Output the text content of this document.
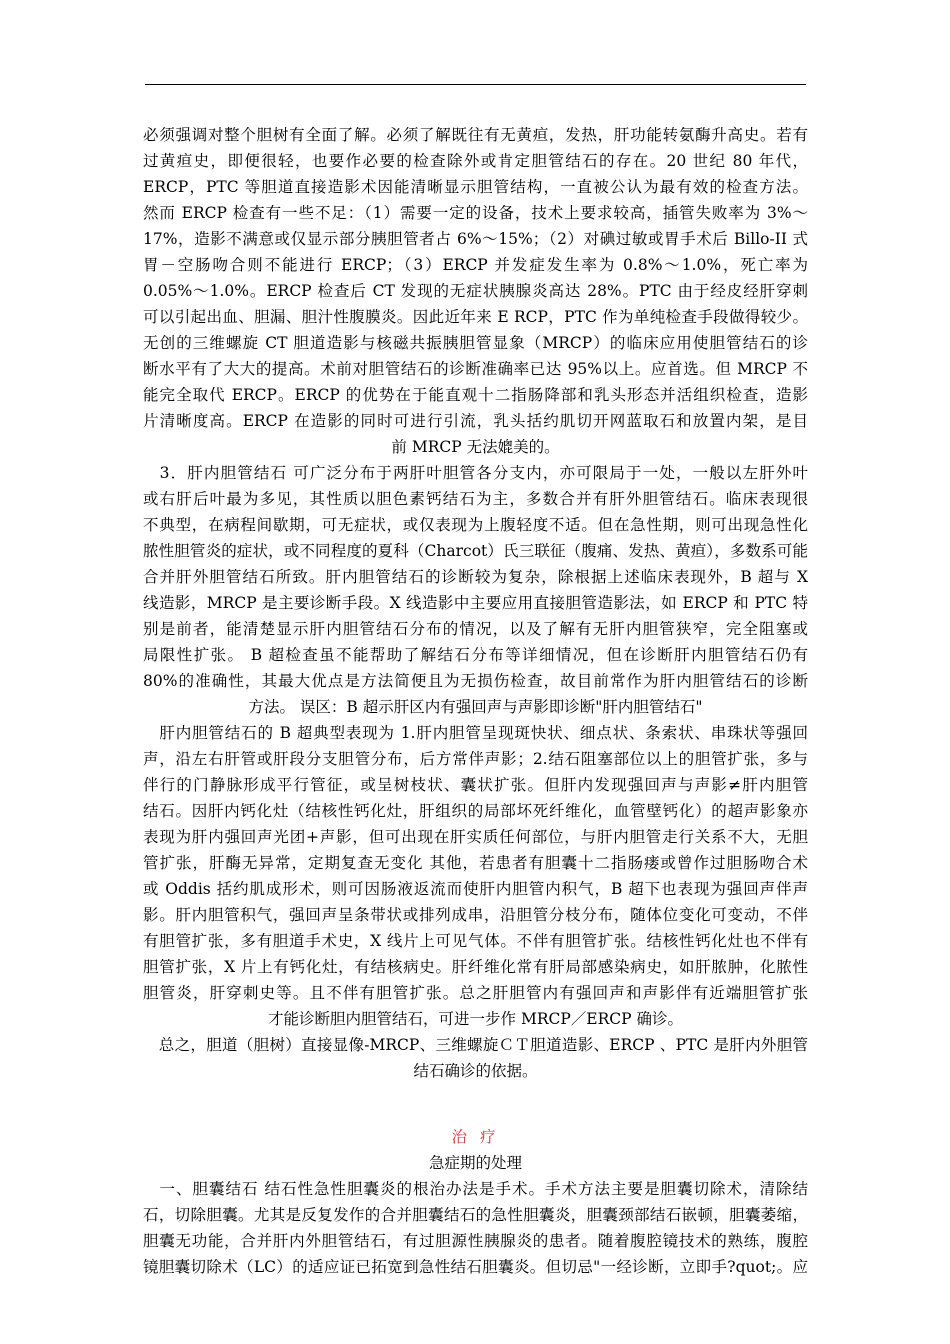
必须强调对整个胆树有全面了解。必须了解既往有无黄疸，发热，肝功能转氨酶升高史。若有
过黄疸史，即便很轻，也要作必要的检查除外或肯定胆管结石的存在。20 世纪 80 年代，
ERCP，PTC 等胆道直接造影术因能清晰显示胆管结构，一直被公认为最有效的检查方法。
然而 ERCP 检查有一些不足：（1）需要一定的设备，技术上要求较高，插管失败率为 3%～
17%，造影不满意或仅显示部分胰胆管者占 6%～15%；（2）对碘过敏或胃手术后 Billo-II 式
胃－空肠吻合则不能进行 ERCP；（3）ERCP 并发症发生率为 0.8%～1.0%，死亡率为
0.05%～1.0%。ERCP 检查后 CT 发现的无症状胰腺炎高达 28%。PTC 由于经皮经肝穿刺
可以引起出血、胆漏、胆汁性腹膜炎。因此近年来 E RCP，PTC 作为单纯检查手段做得较少。
无创的三维螺旋 CT 胆道造影与核磁共振胰胆管显象（MRCP）的临床应用使胆管结石的诊
断水平有了大大的提高。术前对胆管结石的诊断准确率已达 95%以上。应首选。但 MRCP 不
能完全取代 ERCP。ERCP 的优势在于能直观十二指肠降部和乳头形态并活组织检查，造影
片清晰度高。ERCP 在造影的同时可进行引流，乳头括约肌切开网蓝取石和放置内架，是目
前 MRCP 无法媲美的。
　3．肝内胆管结石 可广泛分布于两肝叶胆管各分支内，亦可限局于一处，一般以左肝外叶
或右肝后叶最为多见，其性质以胆色素钙结石为主，多数合并有肝外胆管结石。临床表现很
不典型，在病程间歇期，可无症状，或仅表现为上腹轻度不适。但在急性期，则可出现急性化
脓性胆管炎的症状，或不同程度的夏科（Charcot）氏三联征（腹痛、发热、黄疸），多数系可能
合并肝外胆管结石所致。肝内胆管结石的诊断较为复杂，除根据上述临床表现外，B 超与 X
线造影，MRCP 是主要诊断手段。X 线造影中主要应用直接胆管造影法，如 ERCP 和 PTC 特
别是前者，能清楚显示肝内胆管结石分布的情况，以及了解有无肝内胆管狭窄，完全阻塞或
局限性扩张。 B 超检查虽不能帮助了解结石分布等详细情况，但在诊断肝内胆管结石仍有
80%的准确性，其最大优点是方法简便且为无损伤检查，故目前常作为肝内胆管结石的诊断
方法。 误区：B 超示肝区内有强回声与声影即诊断"肝内胆管结石"
　肝内胆管结石的 B 超典型表现为 1.肝内胆管呈现斑快状、细点状、条索状、串珠状等强回
声，沿左右肝管或肝段分支胆管分布，后方常伴声影；2.结石阻塞部位以上的胆管扩张，多与
伴行的门静脉形成平行管征，或呈树枝状、囊状扩张。但肝内发现强回声与声影≠肝内胆管
结石。因肝内钙化灶（结核性钙化灶，肝组织的局部坏死纤维化，血管壁钙化）的超声影象亦
表现为肝内强回声光团+声影，但可出现在肝实质任何部位，与肝内胆管走行关系不大，无胆
管扩张，肝酶无异常，定期复查无变化 其他，若患者有胆囊十二指肠瘘或曾作过胆肠吻合术
或 Oddis 括约肌成形术，则可因肠液返流而使肝内胆管内积气，B 超下也表现为强回声伴声
影。肝内胆管积气，强回声呈条带状或排列成串，沿胆管分枝分布，随体位变化可变动，不伴
有胆管扩张，多有胆道手术史，X 线片上可见气体。不伴有胆管扩张。结核性钙化灶也不伴有
胆管扩张，X 片上有钙化灶，有结核病史。肝纤维化常有肝局部感染病史，如肝脓肿，化脓性
胆管炎，肝穿刺史等。且不伴有胆管扩张。总之肝胆管内有强回声和声影伴有近端胆管扩张
才能诊断胆内胆管结石，可进一步作 MRCP／ERCP 确诊。
　总之，胆道（胆树）直接显像-MRCP、三维螺旋ＣＴ胆道造影、ERCP 、PTC 是肝内外胆管
结石确诊的依据。
治 疗
急症期的处理
　一、胆囊结石 结石性急性胆囊炎的根治办法是手术。手术方法主要是胆囊切除术，清除结
石，切除胆囊。尤其是反复发作的合并胆囊结石的急性胆囊炎，胆囊颈部结石嵌顿，胆囊萎缩，
胆囊无功能，合并肝内外胆管结石，有过胆源性胰腺炎的患者。随着腹腔镜技术的熟练，腹腔
镜胆囊切除术（LC）的适应证已拓宽到急性结石胆囊炎。但切忌"一经诊断，立即手?quot;。应
